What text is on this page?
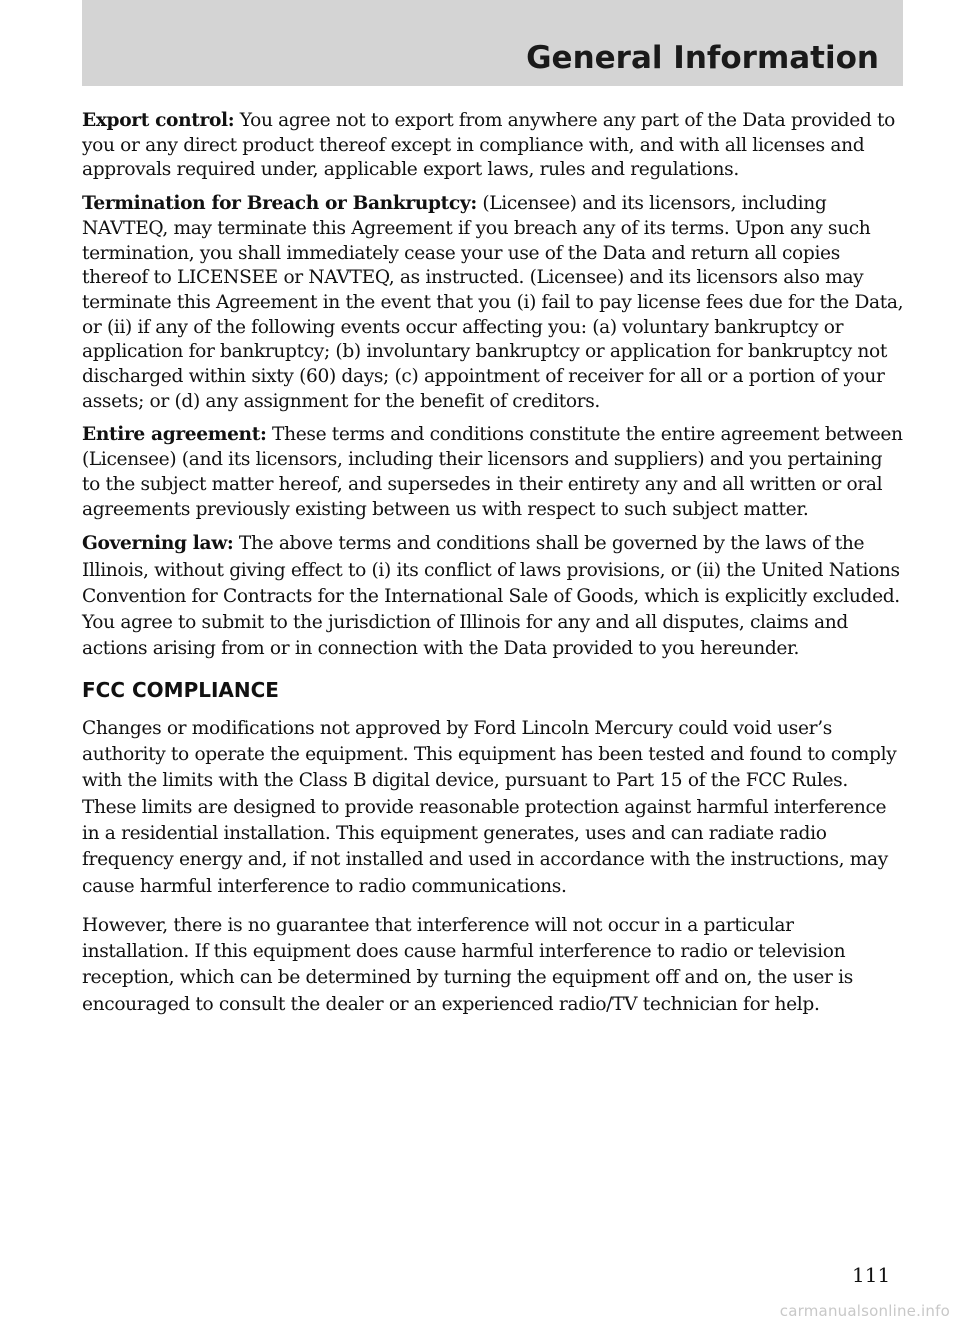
General Information

Export control: You agree not to export from anywhere any part of the Data provided to you or any direct product thereof except in compliance with, and with all licenses and approvals required under, applicable export laws, rules and regulations.

Termination for Breach or Bankruptcy: (Licensee) and its licensors, including NAVTEQ, may terminate this Agreement if you breach any of its terms. Upon any such termination, you shall immediately cease your use of the Data and return all copies thereof to LICENSEE or NAVTEQ, as instructed. (Licensee) and its licensors also may terminate this Agreement in the event that you (i) fail to pay license fees due for the Data, or (ii) if any of the following events occur affecting you: (a) voluntary bankruptcy or application for bankruptcy; (b) involuntary bankruptcy or application for bankruptcy not discharged within sixty (60) days; (c) appointment of receiver for all or a portion of your assets; or (d) any assignment for the benefit of creditors.

Entire agreement: These terms and conditions constitute the entire agreement between (Licensee) (and its licensors, including their licensors and suppliers) and you pertaining to the subject matter hereof, and supersedes in their entirety any and all written or oral agreements previously existing between us with respect to such subject matter.

Governing law: The above terms and conditions shall be governed by the laws of the Illinois, without giving effect to (i) its conflict of laws provisions, or (ii) the United Nations Convention for Contracts for the International Sale of Goods, which is explicitly excluded. You agree to submit to the jurisdiction of Illinois for any and all disputes, claims and actions arising from or in connection with the Data provided to you hereunder.

FCC COMPLIANCE

Changes or modifications not approved by Ford Lincoln Mercury could void user’s authority to operate the equipment. This equipment has been tested and found to comply with the limits with the Class B digital device, pursuant to Part 15 of the FCC Rules. These limits are designed to provide reasonable protection against harmful interference in a residential installation. This equipment generates, uses and can radiate radio frequency energy and, if not installed and used in accordance with the instructions, may cause harmful interference to radio communications.

However, there is no guarantee that interference will not occur in a particular installation. If this equipment does cause harmful interference to radio or television reception, which can be determined by turning the equipment off and on, the user is encouraged to consult the dealer or an experienced radio/TV technician for help.

111
carmanualsonline.info
